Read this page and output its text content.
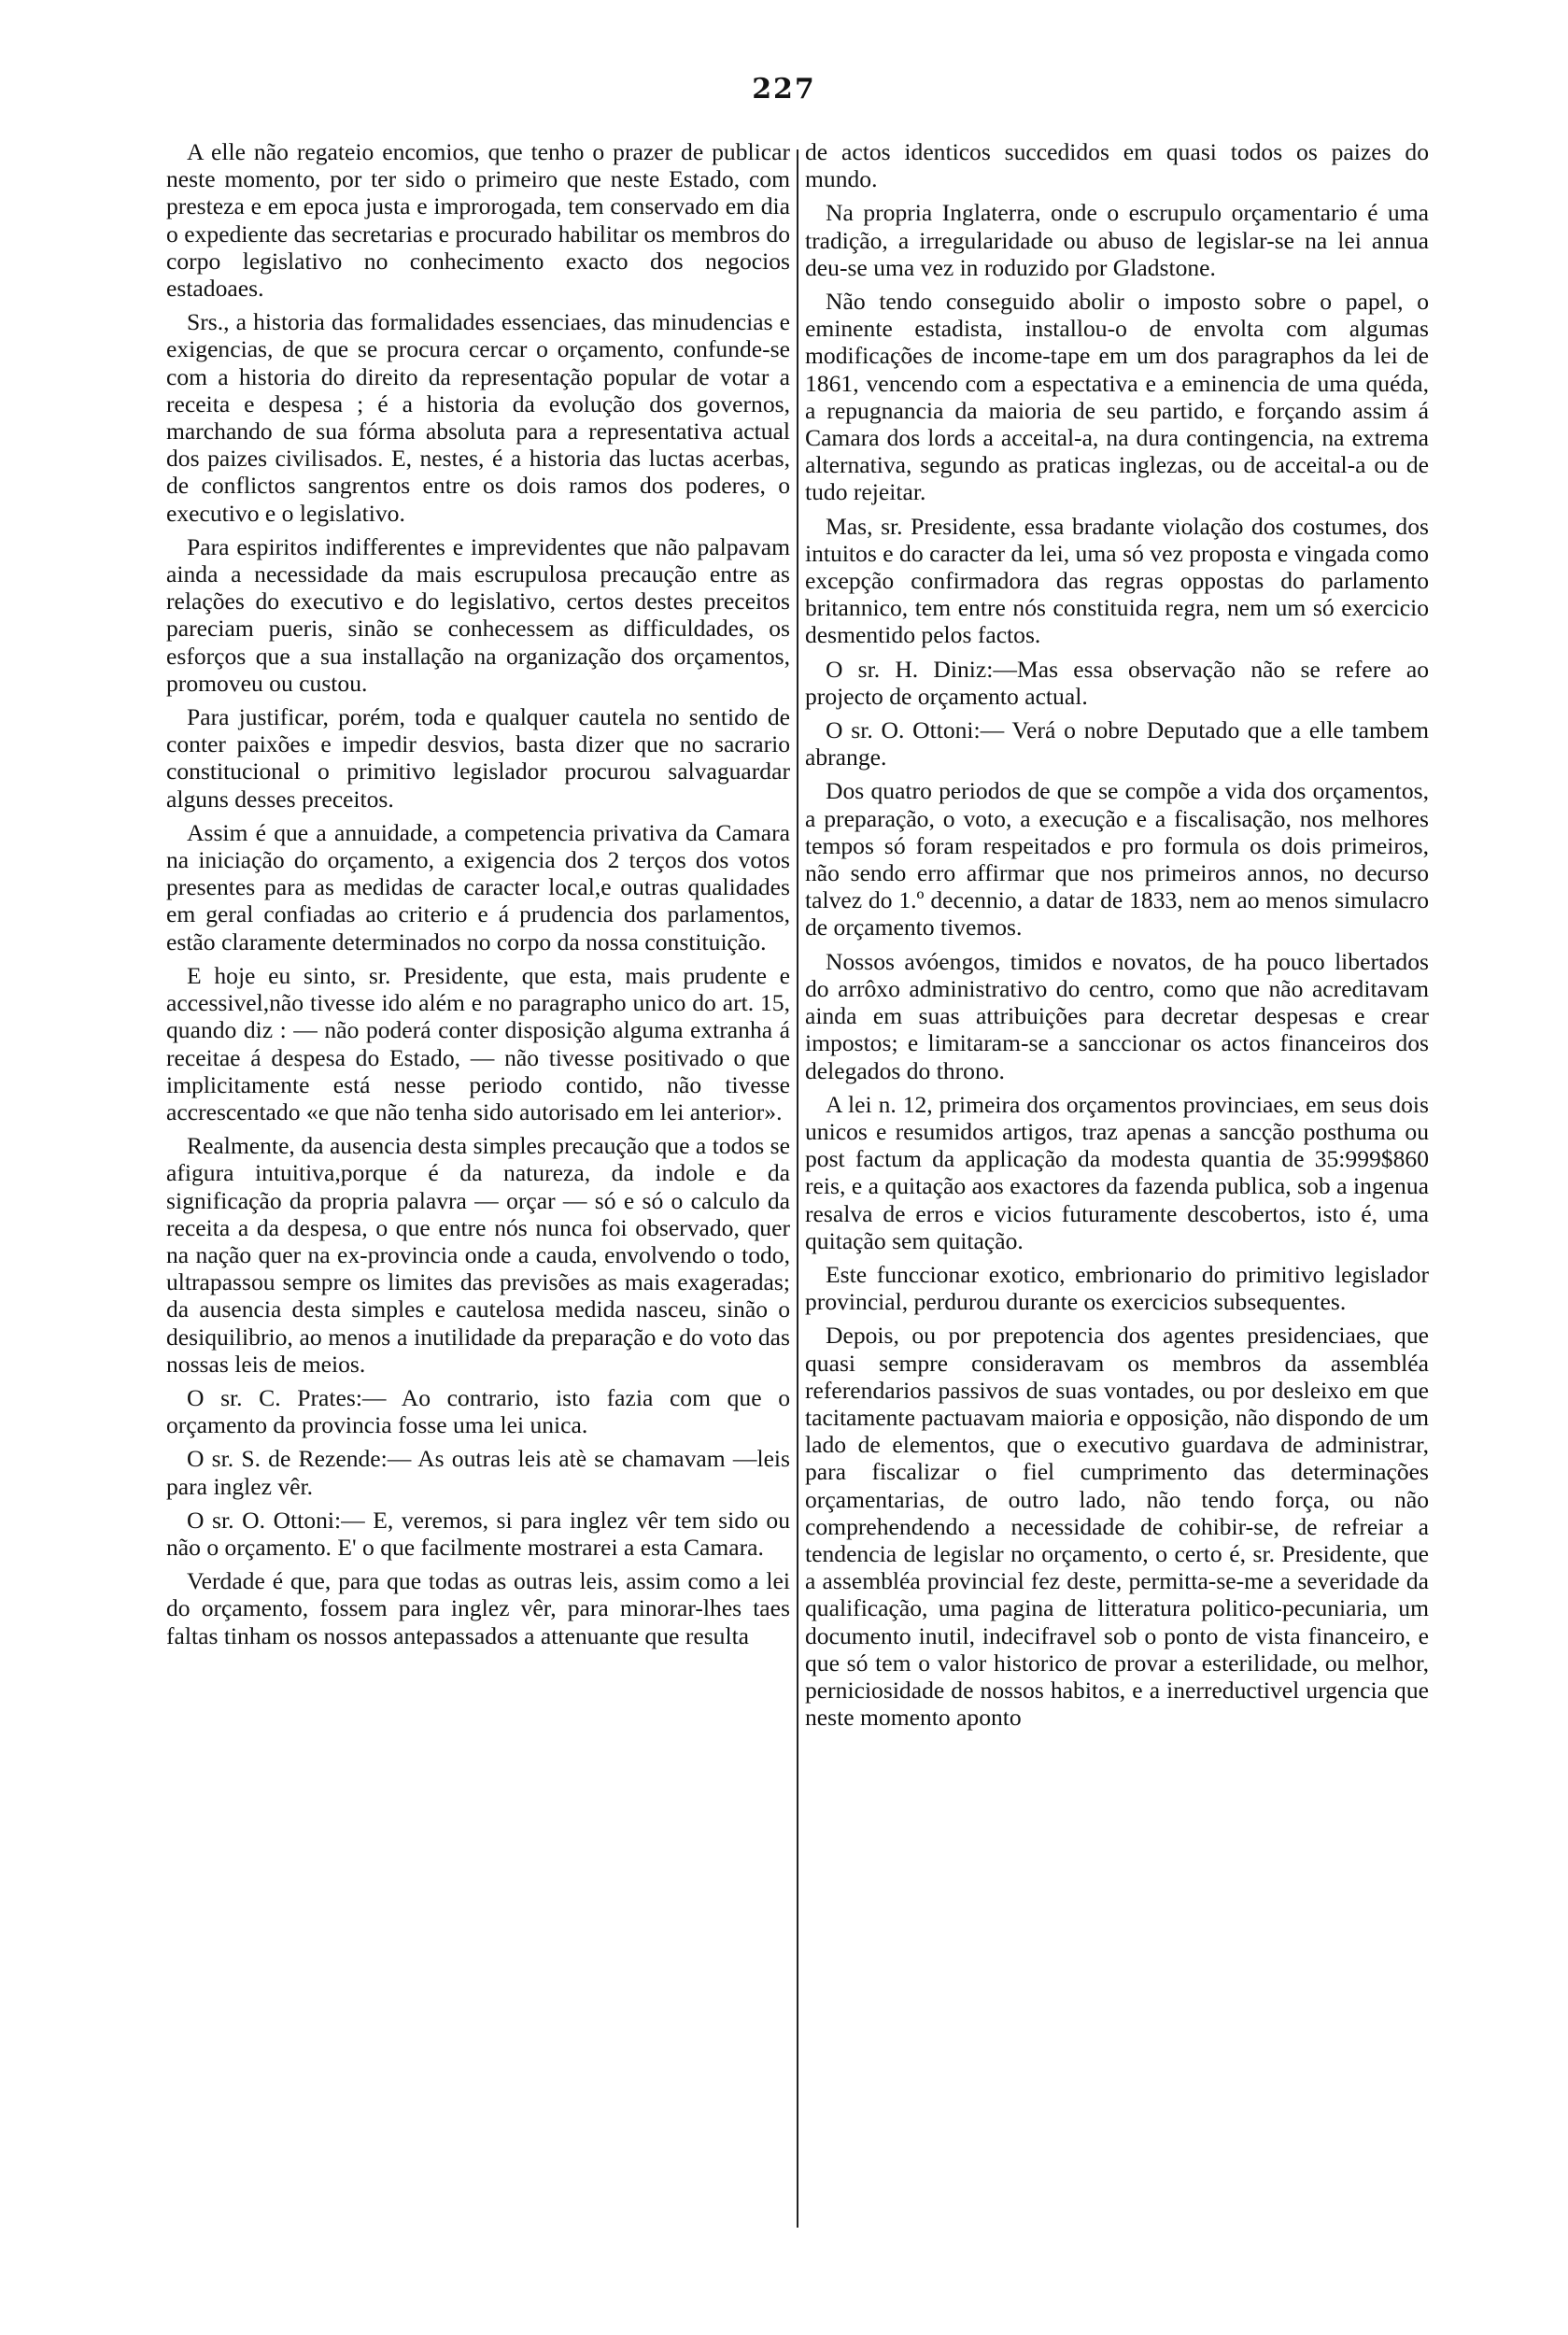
227

A elle não regateio encomios, que tenho o prazer de publicar neste momento, por ter sido o primeiro que neste Estado, com presteza e em epoca justa e improrogada, tem conservado em dia o expediente das secretarias e procurado habilitar os membros do corpo legislativo no conhecimento exacto dos negocios estadoaes.

Srs., a historia das formalidades essenciaes, das minudencias e exigencias, de que se procura cercar o orçamento, confunde-se com a historia do direito da representação popular de votar a receita e despesa ; é a historia da evolução dos governos, marchando de sua fórma absoluta para a representativa actual dos paizes civilisados. E, nestes, é a historia das luctas acerbas, de conflictos sangrentos entre os dois ramos dos poderes, o executivo e o legislativo.

Para espiritos indifferentes e imprevidentes que não palpavam ainda a necessidade da mais escrupulosa precaução entre as relações do executivo e do legislativo, certos destes preceitos pareciam pueris, sinão se conhecessem as difficuldades, os esforços que a sua installação na organização dos orçamentos, promoveu ou custou.

Para justificar, porém, toda e qualquer cautela no sentido de conter paixões e impedir desvios, basta dizer que no sacrario constitucional o primitivo legislador procurou salvaguardar alguns desses preceitos.

Assim é que a annuidade, a competencia privativa da Camara na iniciação do orçamento, a exigencia dos 2 terços dos votos presentes para as medidas de caracter local,e outras qualidades em geral confiadas ao criterio e á prudencia dos parlamentos, estão claramente determinados no corpo da nossa constituição.

E hoje eu sinto, sr. Presidente, que esta, mais prudente e accessivel,não tivesse ido além e no paragrapho unico do art. 15, quando diz : — não poderá conter disposição alguma extranha á receitae á despesa do Estado, — não tivesse positivado o que implicitamente está nesse periodo contido, não tivesse accrescentado «e que não tenha sido autorisado em lei anterior».

Realmente, da ausencia desta simples precaução que a todos se afigura intuitiva,porque é da natureza, da indole e da significação da propria palavra — orçar — só e só o calculo da receita a da despesa, o que entre nós nunca foi observado, quer na nação quer na ex-provincia onde a cauda, envolvendo o todo, ultrapassou sempre os limites das previsões as mais exageradas; da ausencia desta simples e cautelosa medida nasceu, sinão o desiquilibrio, ao menos a inutilidade da preparação e do voto das nossas leis de meios.

O sr. C. Prates:— Ao contrario, isto fazia com que o orçamento da provincia fosse uma lei unica.

O sr. S. de Rezende:— As outras leis atè se chamavam —leis para inglez vêr.

O sr. O. Ottoni:— E, veremos, si para inglez vêr tem sido ou não o orçamento. E' o que facilmente mostrarei a esta Camara.

Verdade é que, para que todas as outras leis, assim como a lei do orçamento, fossem para inglez vêr, para minorar-lhes taes faltas tinham os nossos antepassados a attenuante que resulta

de actos identicos succedidos em quasi todos os paizes do mundo.

Na propria Inglaterra, onde o escrupulo orçamentario é uma tradição, a irregularidade ou abuso de legislar-se na lei annua deu-se uma vez in roduzido por Gladstone.

Não tendo conseguido abolir o imposto sobre o papel, o eminente estadista, installou-o de envolta com algumas modificações de income-tape em um dos paragraphos da lei de 1861, vencendo com a espectativa e a eminencia de uma quéda, a repugnancia da maioria de seu partido, e forçando assim á Camara dos lords a acceital-a, na dura contingencia, na extrema alternativa, segundo as praticas inglezas, ou de acceital-a ou de tudo rejeitar.

Mas, sr. Presidente, essa bradante violação dos costumes, dos intuitos e do caracter da lei, uma só vez proposta e vingada como excepção confirmadora das regras oppostas do parlamento britannico, tem entre nós constituida regra, nem um só exercicio desmentido pelos factos.

O sr. H. Diniz:—Mas essa observação não se refere ao projecto de orçamento actual.

O sr. O. Ottoni:— Verá o nobre Deputado que a elle tambem abrange.

Dos quatro periodos de que se compõe a vida dos orçamentos, a preparação, o voto, a execução e a fiscalisação, nos melhores tempos só foram respeitados e pro formula os dois primeiros, não sendo erro affirmar que nos primeiros annos, no decurso talvez do 1.º decennio, a datar de 1833, nem ao menos simulacro de orçamento tivemos.

Nossos avóengos, timidos e novatos, de ha pouco libertados do arrôxo administrativo do centro, como que não acreditavam ainda em suas attribuições para decretar despesas e crear impostos; e limitaram-se a sanccionar os actos financeiros dos delegados do throno.

A lei n. 12, primeira dos orçamentos provinciaes, em seus dois unicos e resumidos artigos, traz apenas a sancção posthuma ou post factum da applicação da modesta quantia de 35:999$860 reis, e a quitação aos exactores da fazenda publica, sob a ingenua resalva de erros e vicios futuramente descobertos, isto é, uma quitação sem quitação.

Este funccionar exotico, embrionario do primitivo legislador provincial, perdurou durante os exercicios subsequentes.

Depois, ou por prepotencia dos agentes presidenciaes, que quasi sempre consideravam os membros da assembléa referendarios passivos de suas vontades, ou por desleixo em que tacitamente pactuavam maioria e opposição, não dispondo de um lado de elementos, que o executivo guardava de administrar, para fiscalizar o fiel cumprimento das determinações orçamentarias, de outro lado, não tendo força, ou não comprehendendo a necessidade de cohibir-se, de refreiar a tendencia de legislar no orçamento, o certo é, sr. Presidente, que a assembléa provincial fez deste, permitta-se-me a severidade da qualificação, uma pagina de litteratura politico-pecuniaria, um documento inutil, indecifravel sob o ponto de vista financeiro, e que só tem o valor historico de provar a esterilidade, ou melhor, perniciosidade de nossos habitos, e a inerreductivel urgencia que neste momento aponto
